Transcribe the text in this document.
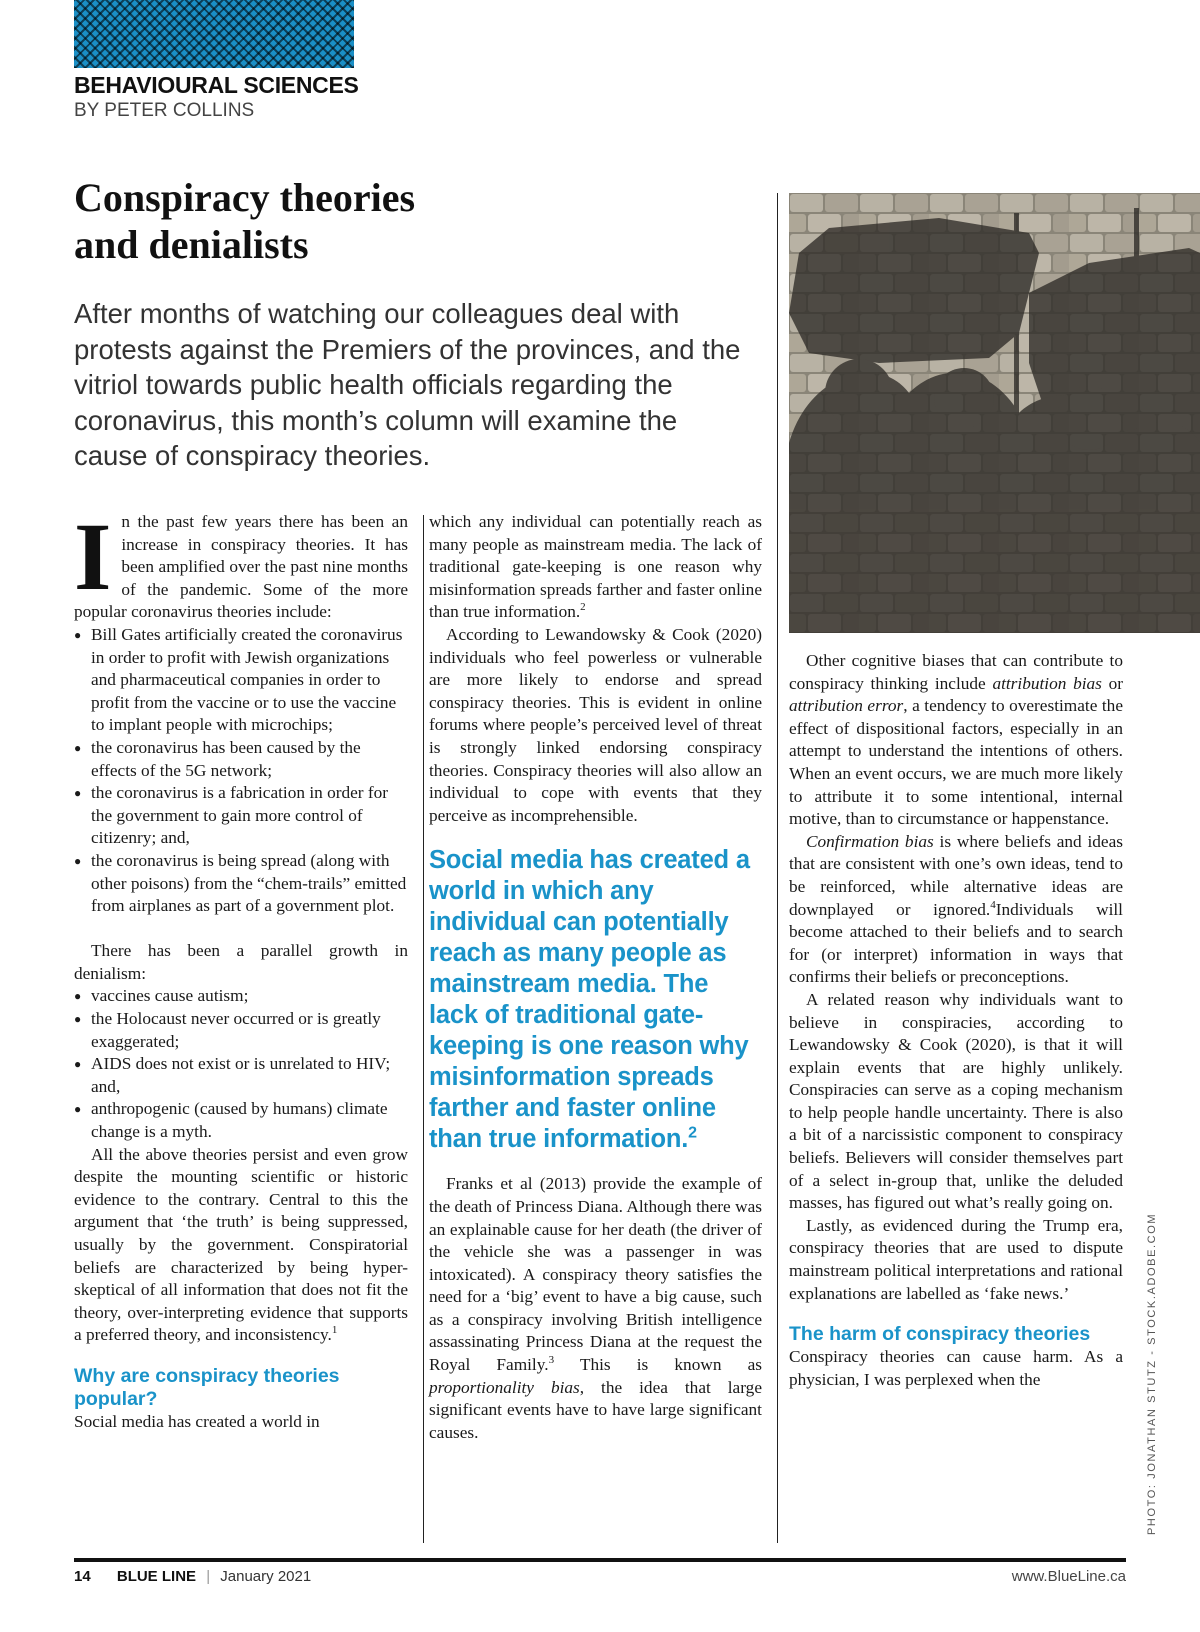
BEHAVIOURAL SCIENCES
BY PETER COLLINS
Conspiracy theories
and denialists
After months of watching our colleagues deal with protests against the Premiers of the provinces, and the vitriol towards public health officials regarding the coronavirus, this month’s column will examine the cause of conspiracy theories.
PHOTO: JONATHAN STUTZ - STOCK.ADOBE.COM

In the past few years there has been an increase in conspiracy theories. It has been amplified over the past nine months of the pandemic. Some of the more popular coronavirus theories include:

● Bill Gates artificially created the coronavirus in order to profit with Jewish organizations and pharmaceutical companies in order to profit from the vaccine or to use the vaccine to implant people with microchips;
● the coronavirus has been caused by the effects of the 5G network;
● the coronavirus is a fabrication in order for the government to gain more control of citizenry; and,
● the coronavirus is being spread (along with other poisons) from the “chem-trails” emitted from airplanes as part of a government plot.

There has been a parallel growth in denialism:

● vaccines cause autism;
● the Holocaust never occurred or is greatly exaggerated;
● AIDS does not exist or is unrelated to HIV; and,
● anthropogenic (caused by humans) climate change is a myth.

All the above theories persist and even grow despite the mounting scientific or historic evidence to the contrary. Central to this the argument that ‘the truth’ is being suppressed, usually by the government. Conspiratorial beliefs are characterized by being hyper-skeptical of all information that does not fit the theory, over-interpreting evidence that supports a preferred theory, and inconsistency.$^1$

Why are conspiracy theories popular?

Social media has created a world in

which any individual can potentially reach as many people as mainstream media. The lack of traditional gate-keeping is one reason why misinformation spreads farther and faster online than true information.$^2$

According to Lewandowsky & Cook (2020) individuals who feel powerless or vulnerable are more likely to endorse and spread conspiracy theories. This is evident in online forums where people’s perceived level of threat is strongly linked endorsing conspiracy theories. Conspiracy theories will also allow an individual to cope with events that they perceive as incomprehensible.

Social media has created a world in which any individual can potentially reach as many people as mainstream media. The lack of traditional gate-keeping is one reason why misinformation spreads farther and faster online than true information.$^2$

Franks et al (2013) provide the example of the death of Princess Diana. Although there was an explainable cause for her death (the driver of the vehicle she was a passenger in was intoxicated). A conspiracy theory satisfies the need for a ‘big’ event to have a big cause, such as a conspiracy involving British intelligence assassinating Princess Diana at the request the Royal Family.$^3$ This is known as proportionality bias, the idea that large significant events have to have large significant causes.

Other cognitive biases that can contribute to conspiracy thinking include attribution bias or attribution error, a tendency to overestimate the effect of dispositional factors, especially in an attempt to understand the intentions of others. When an event occurs, we are much more likely to attribute it to some intentional, internal motive, than to circumstance or happenstance.

Confirmation bias is where beliefs and ideas that are consistent with one’s own ideas, tend to be reinforced, while alternative ideas are downplayed or ignored.$^4$Individuals will become attached to their beliefs and to search for (or interpret) information in ways that confirms their beliefs or preconceptions.

A related reason why individuals want to believe in conspiracies, according to Lewandowsky & Cook (2020), is that it will explain events that are highly unlikely. Conspiracies can serve as a coping mechanism to help people handle uncertainty. There is also a bit of a narcissistic component to conspiracy beliefs. Believers will consider themselves part of a select in-group that, unlike the deluded masses, has figured out what’s really going on.

Lastly, as evidenced during the Trump era, conspiracy theories that are used to dispute mainstream political interpretations and rational explanations are labelled as ‘fake news.’

The harm of conspiracy theories

Conspiracy theories can cause harm. As a physician, I was perplexed when the

14 BLUE LINE | January 2021	www.BlueLine.ca
